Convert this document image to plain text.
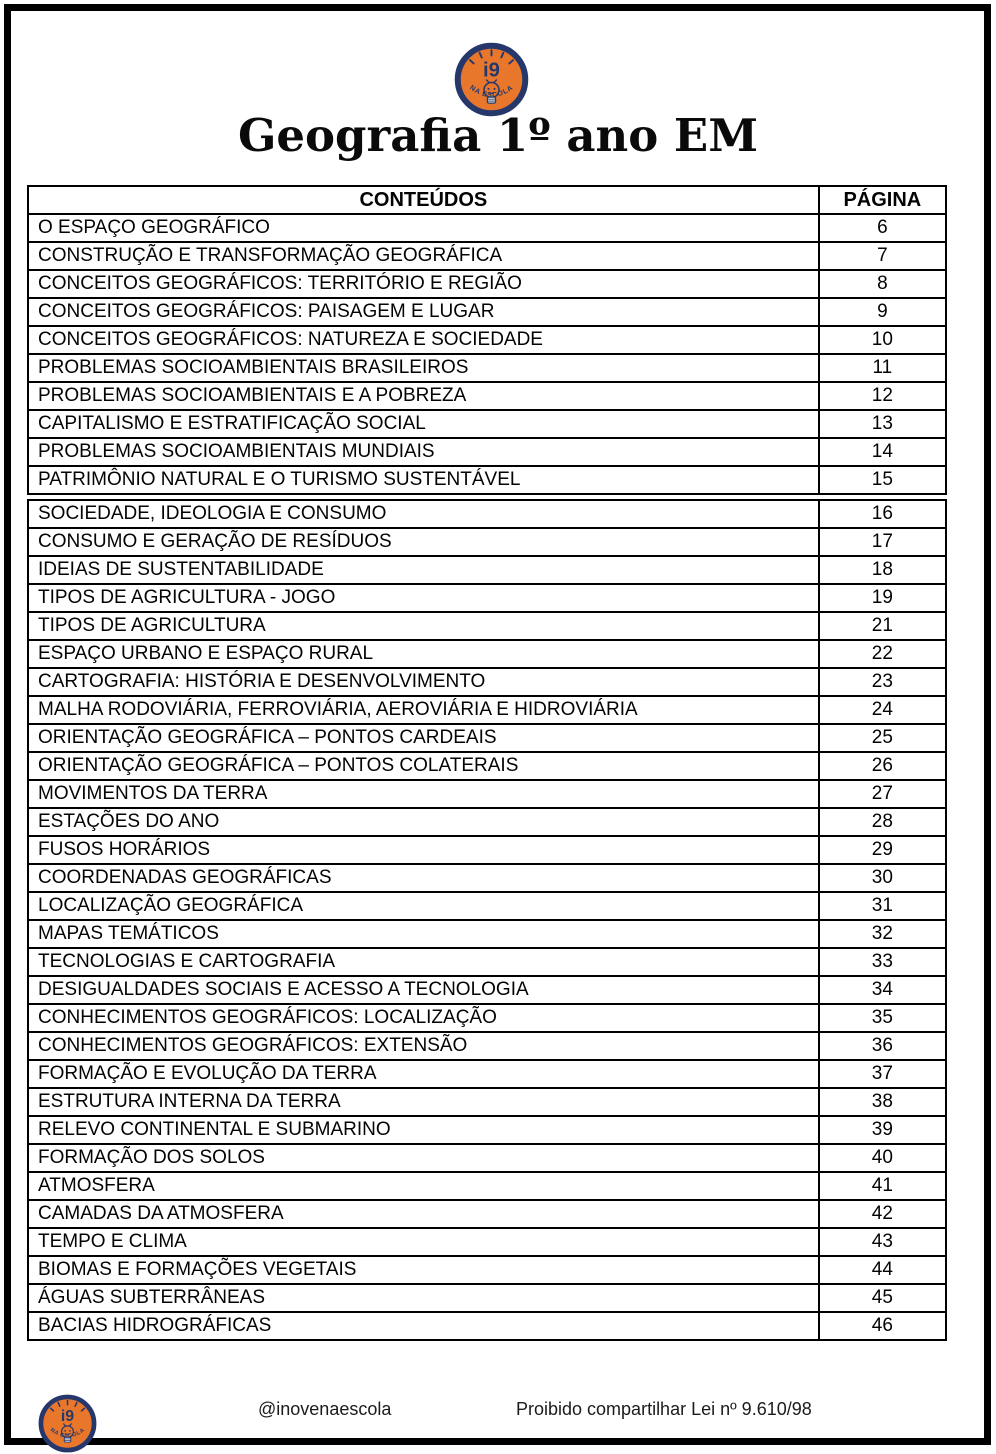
Geografia 1º ano EM
CONTEÚDOS	PÁGINA
O ESPAÇO GEOGRÁFICO	6
CONSTRUÇÃO E TRANSFORMAÇÃO GEOGRÁFICA	7
CONCEITOS GEOGRÁFICOS: TERRITÓRIO E REGIÃO	8
CONCEITOS GEOGRÁFICOS: PAISAGEM E LUGAR	9
CONCEITOS GEOGRÁFICOS: NATUREZA E SOCIEDADE	10
PROBLEMAS SOCIOAMBIENTAIS BRASILEIROS	11
PROBLEMAS SOCIOAMBIENTAIS E A POBREZA	12
CAPITALISMO E ESTRATIFICAÇÃO SOCIAL	13
PROBLEMAS SOCIOAMBIENTAIS MUNDIAIS	14
PATRIMÔNIO NATURAL E O TURISMO SUSTENTÁVEL	15
SOCIEDADE, IDEOLOGIA E CONSUMO	16
CONSUMO E GERAÇÃO DE RESÍDUOS	17
IDEIAS DE SUSTENTABILIDADE	18
TIPOS DE AGRICULTURA - JOGO	19
TIPOS DE AGRICULTURA	21
ESPAÇO URBANO E ESPAÇO RURAL	22
CARTOGRAFIA: HISTÓRIA E DESENVOLVIMENTO	23
MALHA RODOVIÁRIA, FERROVIÁRIA, AEROVIÁRIA E HIDROVIÁRIA	24
ORIENTAÇÃO GEOGRÁFICA – PONTOS CARDEAIS	25
ORIENTAÇÃO GEOGRÁFICA – PONTOS COLATERAIS	26
MOVIMENTOS DA TERRA	27
ESTAÇÕES DO ANO	28
FUSOS HORÁRIOS	29
COORDENADAS GEOGRÁFICAS	30
LOCALIZAÇÃO GEOGRÁFICA	31
MAPAS TEMÁTICOS	32
TECNOLOGIAS E CARTOGRAFIA	33
DESIGUALDADES SOCIAIS E ACESSO A TECNOLOGIA	34
CONHECIMENTOS GEOGRÁFICOS: LOCALIZAÇÃO	35
CONHECIMENTOS GEOGRÁFICOS: EXTENSÃO	36
FORMAÇÃO E EVOLUÇÃO DA TERRA	37
ESTRUTURA INTERNA DA TERRA	38
RELEVO CONTINENTAL E SUBMARINO	39
FORMAÇÃO DOS SOLOS	40
ATMOSFERA	41
CAMADAS DA ATMOSFERA	42
TEMPO E CLIMA	43
BIOMAS E FORMAÇÕES VEGETAIS	44
ÁGUAS SUBTERRÂNEAS	45
BACIAS HIDROGRÁFICAS	46
@inovenaescola	Proibido compartilhar Lei nº 9.610/98
